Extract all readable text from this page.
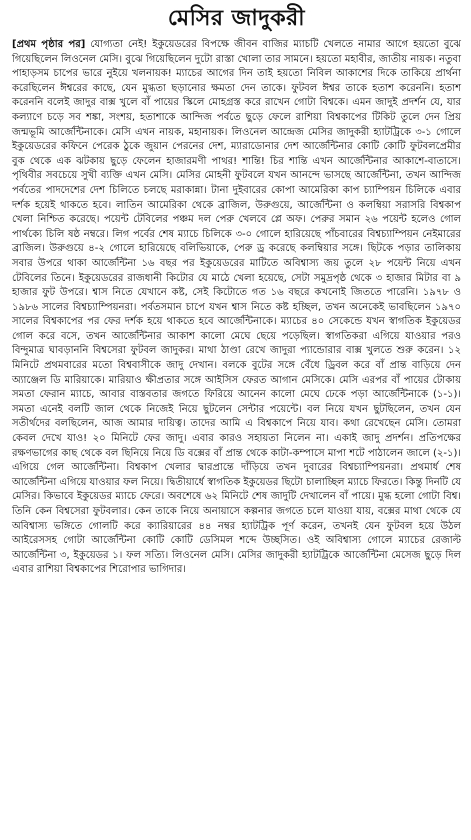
মেসির জাদুকরী

[প্রথম পৃষ্ঠার পর] যোগ্যতা নেই! ইকুয়েডরের বিপক্ষে জীবন বাজির ম্যাচটি খেলতে নামার আগে হয়তো বুঝে গিয়েছিলেন লিওনেল মেসি। বুঝে গিয়েছিলেন দুটো রাস্তা খোলা তার সামনে। হয়তো মহাবীর, জাতীয় নায়ক। নতুবা পাহাড়সম চাপের ভারে নুইয়ে খলনায়ক! ম্যাচের আগের দিন তাই হয়তো নিবিল আকাশের দিকে তাকিয়ে প্রার্থনা করেছিলেন ঈশ্বরের কাছে, যেন মুগ্ধতা ছড়ানোর ক্ষমতা দেন তাকে। ফুটবল ঈশ্বর তাকে হতাশ করেননি। হতাশ করেননি বলেই জাদুর বাক্স খুলে বাঁ পায়ের স্কিলে মোহগ্রস্ত করে রাখেন গোটা বিশ্বকে। এমন জাদুই প্রদর্শন যে, যার কল্যাণে চড়ে সব শঙ্কা, সংশয়, হতাশাকে আন্দিজ পর্বতে ছুড়ে ফেলে রাশিয়া বিশ্বকাপের টিকিট তুলে দেন প্রিয় জন্মভূমি আর্জেন্টিনাকে। মেসি এখন নায়ক, মহানায়ক। লিওনেল আন্দ্রেজ মেসির জাদুকরী হ্যাটট্রিকে ৩-১ গোলে ইকুয়েডরের কফিনে পেরেক ঠুকে জুয়ান পেরনের দেশ, ম্যারাডোনার দেশ আর্জেন্টিনার কোটি কোটি ফুটবলপ্রেমীর বুক থেকে এক ঝটকায় ছুড়ে ফেলেন হাজারমণী পাথর! শান্তি! চির শান্তি এখন আর্জেন্টিনার আকাশে-বাতাসে। পৃথিবীর সবচেয়ে সুখী ব্যক্তি এখন মেসি। মেসির মোহনী ফুটবলে যখন আনন্দে ভাসছে আর্জেন্টিনা, তখন আন্দিজ পর্বতের পাদদেশের দেশ চিলিতে চলছে মরাকান্না। টানা দুইবারের কোপা আমেরিকা কাপ চ্যাম্পিয়ন চিলিকে এবার দর্শক হয়েই থাকতে হবে। লাতিন আমেরিকা থেকে ব্রাজিল, উরুগুয়ে, আর্জেন্টিনা ও কলম্বিয়া সরাসরি বিশ্বকাপ খেলা নিশ্চিত করেছে। পয়েন্ট টেবিলের পঞ্চম দল পেরু খেলবে প্লে অফ। পেরুর সমান ২৬ পয়েন্ট হলেও গোল পার্থক্যে চিলি ষষ্ঠ নম্বরে। লিগ পর্বের শেষ ম্যাচে চিলিকে ৩-০ গোলে হারিয়েছে পাঁচবারের বিশ্বচ্যাম্পিয়ন নেইমারের ব্রাজিল। উরুগুয়ে ৪-২ গোলে হারিয়েছে বলিভিয়াকে, পেরু ড্র করেছে কলম্বিয়ার সঙ্গে। ছিটকে পড়ার তালিকায় সবার উপরে থাকা আর্জেন্টিনা ১৬ বছর পর ইকুয়েডরের মাটিতে অবিশ্বাস্য জয় তুলে ২৮ পয়েন্ট নিয়ে এখন টেবিলের তিনে। ইকুয়েডরের রাজধানী কিটোর যে মাঠে খেলা হয়েছে, সেটা সমুদ্রপৃষ্ঠ থেকে ৩ হাজার মিটার বা ৯ হাজার ফুট উপরে। শ্বাস নিতে যেখানে কষ্ট, সেই কিটোতে গত ১৬ বছরে কখনোই জিততে পারেনি। ১৯৭৮ ও ১৯৮৬ সালের বিশ্বচ্যাম্পিয়নরা। পর্বতসমান চাপে যখন শ্বাস নিতে কষ্ট হচ্ছিল, তখন অনেকেই ভাবছিলেন ১৯৭০ সালের বিশ্বকাপের পর ফের দর্শক হয়ে থাকতে হবে আর্জেন্টিনাকে। ম্যাচের ৪০ সেকেন্ডে যখন স্বাগতিক ইকুয়েডর গোল করে বসে, তখন আর্জেন্টিনার আকাশ কালো মেঘে ছেয়ে পড়েছিল। স্বাগতিকরা এগিয়ে যাওয়ার পরও বিন্দুমাত্র ঘাবড়াননি বিশ্বসেরা ফুটবল জাদুকর। মাথা ঠাণ্ডা রেখে জাদুরা প্যান্ডোরার বাক্স খুলতে শুরু করেন। ১২ মিনিটে প্রথমবারের মতো বিশ্ববাসীকে জাদু দেখান। বলকে বুটের সঙ্গে বেঁধে ড্রিবল করে বাঁ প্রান্ত বাড়িয়ে দেন অ্যাঞ্জেল ডি মারিয়াকে। মারিয়াও ক্ষীপ্রতার সঙ্গে আইসিস ফেরত আগান মেসিকে। মেসি এরপর বাঁ পায়ের টোকায় সমতা ফেরান ম্যাচে, আবার বাস্তবতার জগতে ফিরিয়ে আনেন কালো মেঘে ঢেকে পড়া আর্জেন্টিনাকে (১-১)। সমতা এনেই বলটি জাল থেকে নিজেই নিয়ে ছুটলেন সেন্টার পয়েন্টে। বল নিয়ে যখন ছুটছিলেন, তখন যেন সতীর্থদের বলছিলেন, আজ আমার দায়িত্ব। তাদের আমি এ বিশ্বকাপে নিয়ে যাব। কথা রেখেছেন মেসি। তোমরা কেবল দেখে যাও! ২০ মিনিটে ফের জাদু। এবার কারও সহায়তা নিলেন না। একাই জাদু প্রদর্শন। প্রতিপক্ষের রক্ষণভাগের কাছ থেকে বল ছিনিয়ে নিয়ে ডি বক্সের বাঁ প্রান্ত থেকে কাটা-কম্পাসে মাপা শটে পাঠালেন জালে (২-১)। এগিয়ে গেল আর্জেন্টিনা। বিশ্বকাপ খেলার দ্বারপ্রান্তে দাঁড়িয়ে তখন দুবারের বিশ্বচ্যাম্পিয়নরা। প্রথমার্ধ শেষ আর্জেন্টিনা এগিয়ে যাওয়ার ফল নিয়ে। দ্বিতীয়ার্ধে স্বাগতিক ইকুয়েডর ছিটো চালাচ্ছিল ম্যাচে ফিরতে। কিন্তু দিনটি যে মেসির। কিভাবে ইকুয়েডর ম্যাচে ফেরে। অবশেষে ৬২ মিনিটে শেষ জাদুটি দেখালেন বাঁ পায়ে। মুগ্ধ হলো গোটা বিশ্ব। তিনি কেন বিশ্বসেরা ফুটবলার। কেন তাকে নিয়ে অনায়াসে কল্পনার জগতে চলে যাওয়া যায়, বক্সের মাথা থেকে যে অবিশ্বাস্য ভঙ্গিতে গোলটি করে ক্যারিয়ারের ৪৪ নম্বর হ্যাটট্রিক পূর্ণ করেন, তখনই যেন ফুটবল হয়ে উঠল আইরেসসহ গোটা আর্জেন্টিনা কোটি কোটি ডেসিমল শব্দে উচ্ছসিত। ওই অবিশ্বাস্য গোলে ম্যাচের রেজাল্ট আর্জেন্টিনা ৩, ইকুয়েডর ১। ফল সত্যি। লিওনেল মেসি। মেসির জাদুকরী হ্যাটট্রিকে আর্জেন্টিনা মেসেজ ছুড়ে দিল এবার রাশিয়া বিশ্বকাপের শিরোপার ভাগিদার।
